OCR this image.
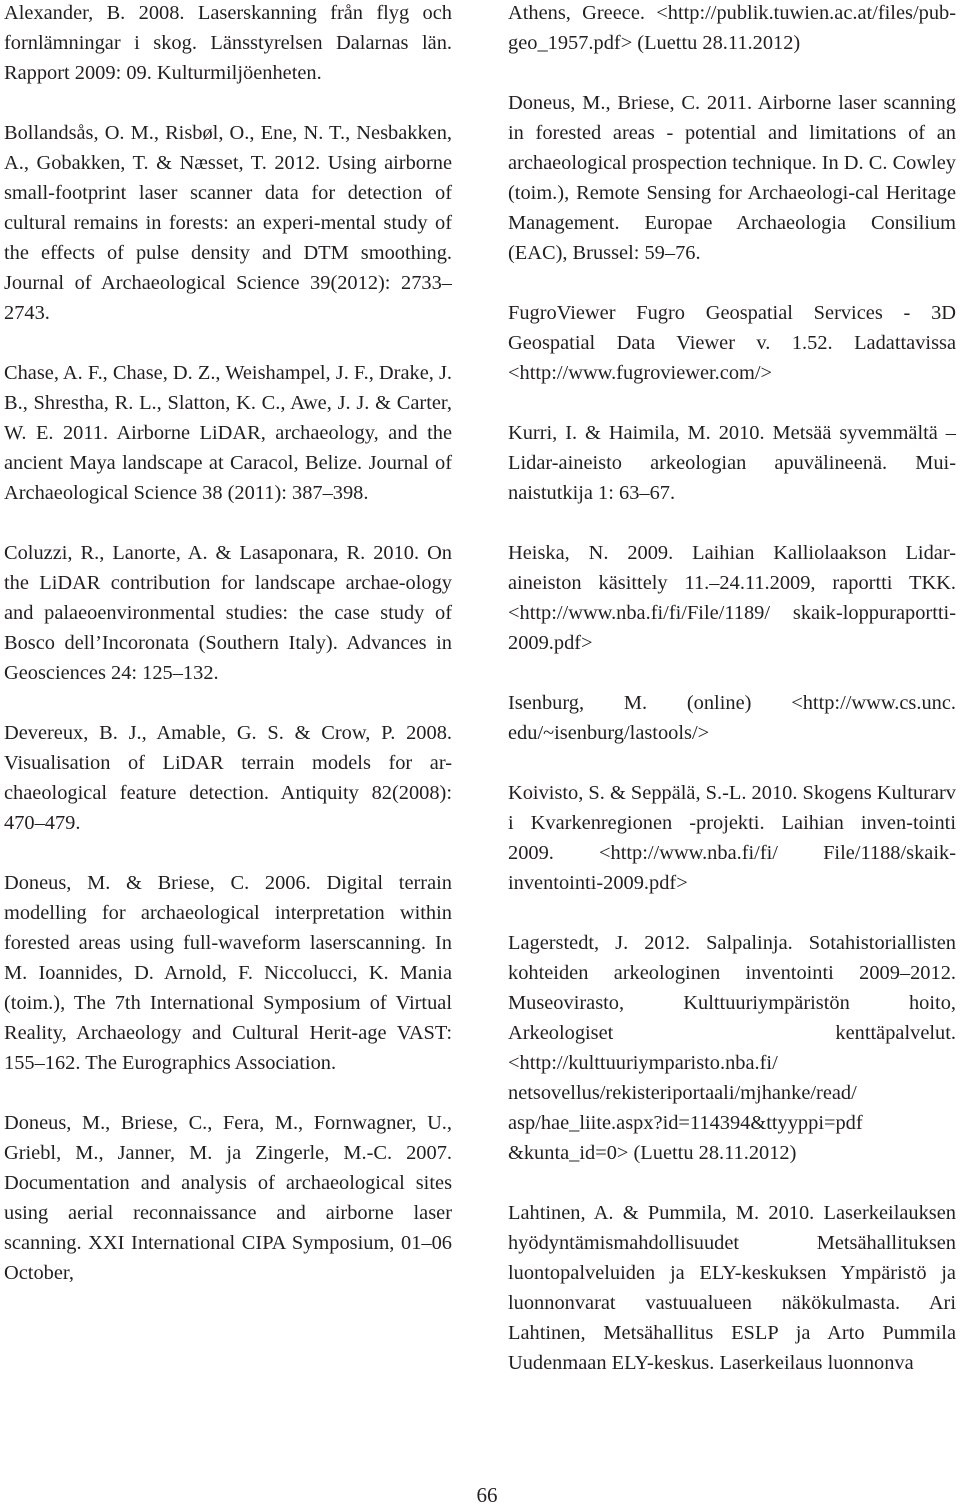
Alexander, B. 2008. Laserskanning från flyg och fornlämningar i skog. Länsstyrelsen Dalarnas län. Rapport 2009: 09. Kulturmiljöenheten.

Bollandsås, O. M., Risbøl, O., Ene, N. T., Nesbakken, A., Gobakken, T. & Næsset, T. 2012. Using airborne small-footprint laser scanner data for detection of cultural remains in forests: an experi-mental study of the effects of pulse density and DTM smoothing. Journal of Archaeological Science 39(2012): 2733–2743.

Chase, A. F., Chase, D. Z., Weishampel, J. F., Drake, J. B., Shrestha, R. L., Slatton, K. C., Awe, J. J. & Carter, W. E. 2011. Airborne LiDAR, archaeology, and the ancient Maya landscape at Caracol, Belize. Journal of Archaeological Science 38 (2011): 387–398.

Coluzzi, R., Lanorte, A. & Lasaponara, R. 2010. On the LiDAR contribution for landscape archae-ology and palaeoenvironmental studies: the case study of Bosco dell’Incoronata (Southern Italy). Advances in Geosciences 24: 125–132.

Devereux, B. J., Amable, G. S. & Crow, P. 2008. Visualisation of LiDAR terrain models for ar-chaeological feature detection. Antiquity 82(2008): 470–479.

Doneus, M. & Briese, C. 2006. Digital terrain modelling for archaeological interpretation within forested areas using full-waveform laserscanning. In M. Ioannides, D. Arnold, F. Niccolucci, K. Mania (toim.), The 7th International Symposium of Virtual Reality, Archaeology and Cultural Herit-age VAST: 155–162. The Eurographics Association.

Doneus, M., Briese, C., Fera, M., Fornwagner, U., Griebl, M., Janner, M. ja Zingerle, M.-C. 2007. Documentation and analysis of archaeological sites using aerial reconnaissance and airborne laser scanning. XXI International CIPA Symposium, 01–06 October,

Athens, Greece. <http://publik.tuwien.ac.at/files/pub-geo_1957.pdf> (Luettu 28.11.2012)

Doneus, M., Briese, C. 2011. Airborne laser scanning in forested areas - potential and limitations of an archaeological prospection technique. In D. C. Cowley (toim.), Remote Sensing for Archaeologi-cal Heritage Management. Europae Archaeologia Consilium (EAC), Brussel: 59–76.

FugroViewer Fugro Geospatial Services - 3D Geospatial Data Viewer v. 1.52. Ladattavissa <http://www.fugroviewer.com/>

Kurri, I. & Haimila, M. 2010. Metsää syvemmältä – Lidar-aineisto arkeologian apuvälineenä. Mui-naistutkija 1: 63–67.

Heiska, N. 2009. Laihian Kalliolaakson Lidar-aineiston käsittely 11.–24.11.2009, raportti TKK. <http://www.nba.fi/fi/File/1189/ skaik-loppuraportti-2009.pdf>

Isenburg, M. (online) <http://www.cs.unc. edu/~isenburg/lastools/>

Koivisto, S. & Seppälä, S.-L. 2010. Skogens Kulturarv i Kvarkenregionen -projekti. Laihian inven-tointi 2009. <http://www.nba.fi/fi/ File/1188/skaik-inventointi-2009.pdf>

Lagerstedt, J. 2012. Salpalinja. Sotahistoriallisten kohteiden arkeologinen inventointi 2009–2012. Museovirasto, Kulttuuriympäristön hoito, Arkeologiset kenttäpalvelut. <http://kulttuuriymparisto.nba.fi/ netsovellus/rekisteriportaali/mjhanke/read/ asp/hae_liite.aspx?id=114394&ttyyppi=pdf &kunta_id=0> (Luettu 28.11.2012)

Lahtinen, A. & Pummila, M. 2010. Laserkeilauksen hyödyntämismahdollisuudet Metsähallituksen luontopalveluiden ja ELY-keskuksen Ympäristö ja luonnonvarat vastuualueen näkökulmasta. Ari Lahtinen, Metsähallitus ESLP ja Arto Pummila Uudenmaan ELY-keskus. Laserkeilaus luonnonva

66
